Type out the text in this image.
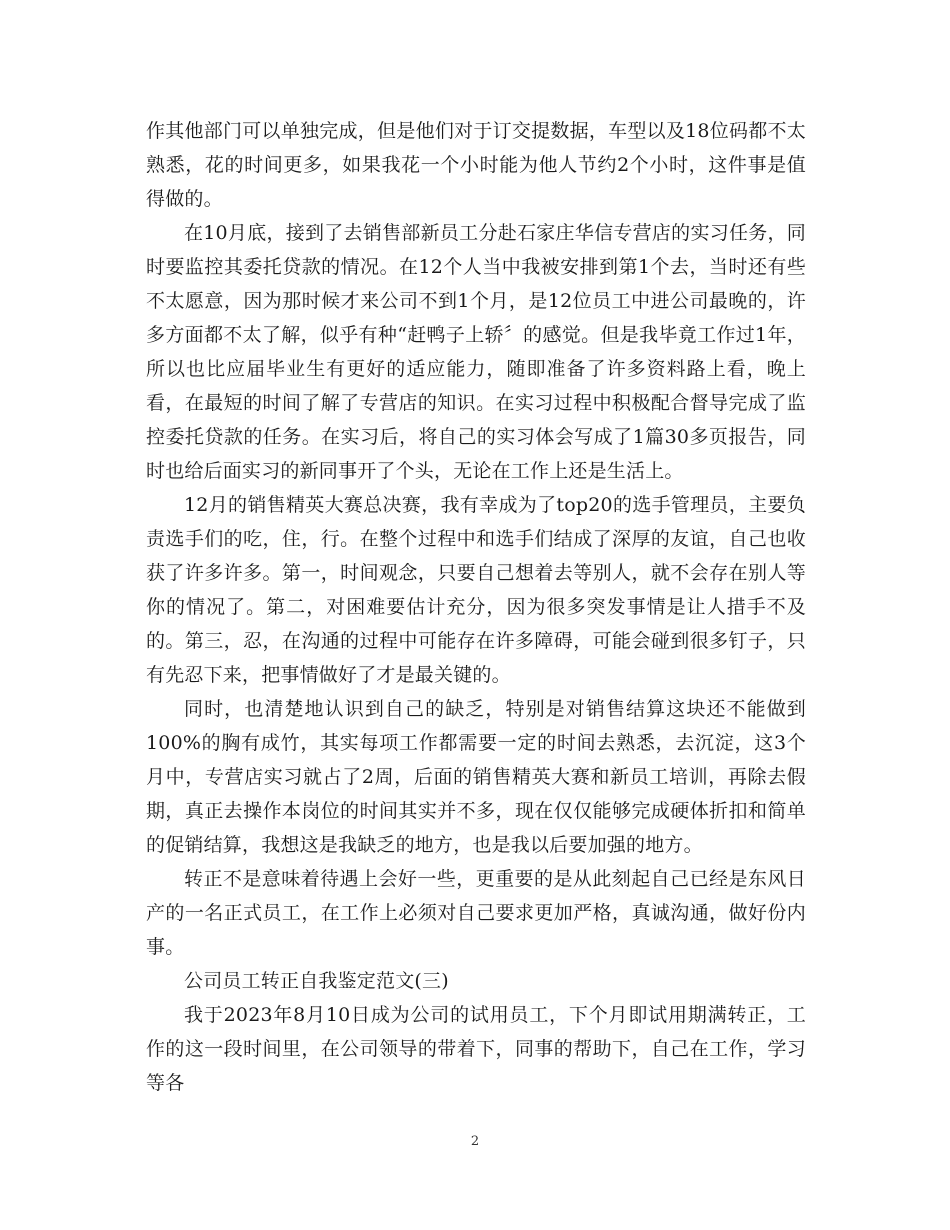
作其他部门可以单独完成，但是他们对于订交提数据，车型以及18位码都不太熟悉，花的时间更多，如果我花一个小时能为他人节约2个小时，这件事是值得做的。

在10月底，接到了去销售部新员工分赴石家庄华信专营店的实习任务，同时要监控其委托贷款的情况。在12个人当中我被安排到第1个去，当时还有些不太愿意，因为那时候才来公司不到1个月，是12位员工中进公司最晚的，许多方面都不太了解，似乎有种“赶鸭子上轿〞的感觉。但是我毕竟工作过1年，所以也比应届毕业生有更好的适应能力，随即准备了许多资料路上看，晚上看，在最短的时间了解了专营店的知识。在实习过程中积极配合督导完成了监控委托贷款的任务。在实习后，将自己的实习体会写成了1篇30多页报告，同时也给后面实习的新同事开了个头，无论在工作上还是生活上。

12月的销售精英大赛总决赛，我有幸成为了top20的选手管理员，主要负责选手们的吃，住，行。在整个过程中和选手们结成了深厚的友谊，自己也收获了许多许多。第一，时间观念，只要自己想着去等别人，就不会存在别人等你的情况了。第二，对困难要估计充分，因为很多突发事情是让人措手不及的。第三，忍，在沟通的过程中可能存在许多障碍，可能会碰到很多钉子，只有先忍下来，把事情做好了才是最关键的。

同时，也清楚地认识到自己的缺乏，特别是对销售结算这块还不能做到100%的胸有成竹，其实每项工作都需要一定的时间去熟悉，去沉淀，这3个月中，专营店实习就占了2周，后面的销售精英大赛和新员工培训，再除去假期，真正去操作本岗位的时间其实并不多，现在仅仅能够完成硬体折扣和简单的促销结算，我想这是我缺乏的地方，也是我以后要加强的地方。

转正不是意味着待遇上会好一些，更重要的是从此刻起自己已经是东风日产的一名正式员工，在工作上必须对自己要求更加严格，真诚沟通，做好份内事。

公司员工转正自我鉴定范文(三)

我于2023年8月10日成为公司的试用员工，下个月即试用期满转正，工作的这一段时间里，在公司领导的带着下，同事的帮助下，自己在工作，学习等各

2
